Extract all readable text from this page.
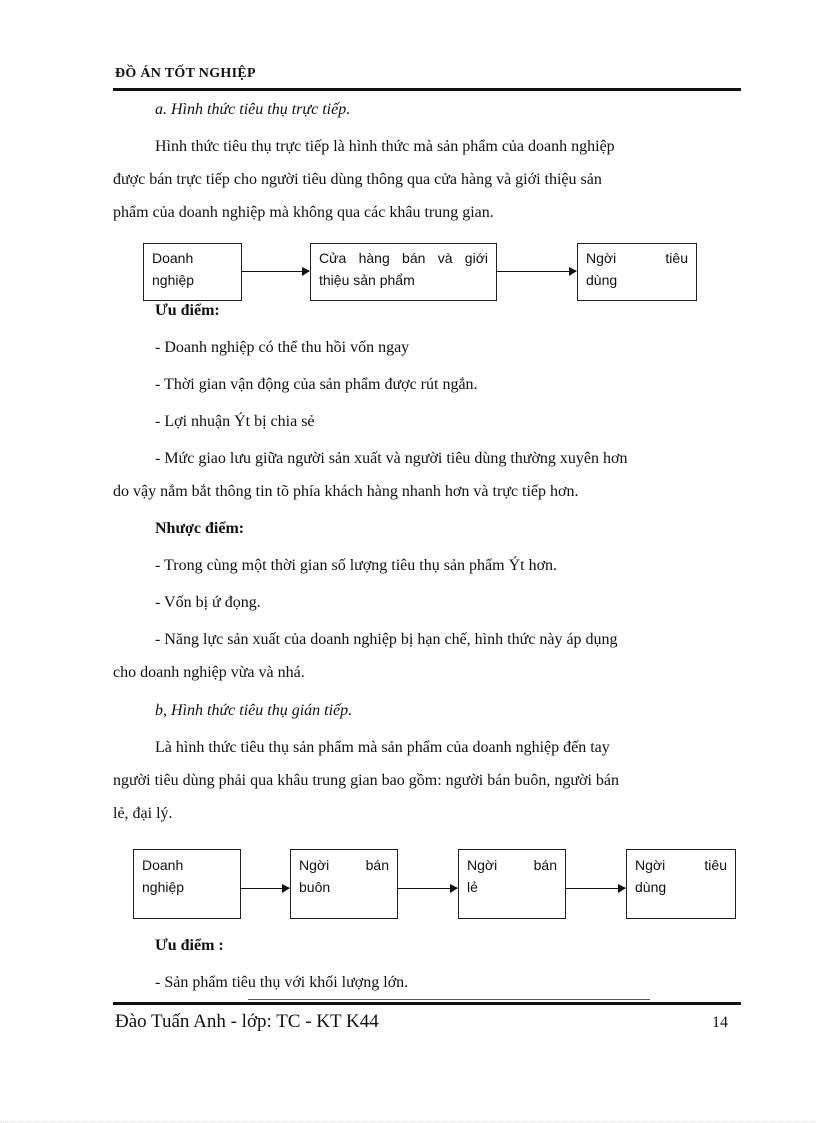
ĐỒ ÁN TỐT NGHIỆP
a. Hình thức tiêu thụ trực tiếp.
Hình thức tiêu thụ trực tiếp là hình thức mà sản phẩm của doanh nghiệp
được bán trực tiếp cho người tiêu dùng thông qua cửa hàng và giới thiệu sản
phẩm của doanh nghiệp mà không qua các khâu trung gian.
Doanh
nghiệp
Cửa hàng bán và giới
thiệu sản phẩm
Ngời tiêu
dùng
Ưu điểm:
- Doanh nghiệp có thể thu hồi vốn ngay
- Thời gian vận động của sản phẩm được rút ngắn.
- Lợi nhuận Ýt bị chia sẻ
- Mức giao lưu giữa người sản xuất và người tiêu dùng thường xuyên hơn
do vậy nắm bắt thông tin tõ phía khách hàng nhanh hơn và trực tiếp hơn.
Nhược điểm:
- Trong cùng một thời gian số lượng tiêu thụ sản phẩm Ýt hơn.
- Vốn bị ứ đọng.
- Năng lực sản xuất của doanh nghiệp bị hạn chế, hình thức này áp dụng
cho doanh nghiệp vừa và nhá.
b, Hình thức tiêu thụ gián tiếp.
Là hình thức tiêu thụ sản phẩm mà sản phẩm của doanh nghiệp đến tay
người tiêu dùng phải qua khâu trung gian bao gồm: người bán buôn, người bán
lẻ, đại lý.
Doanh
nghiệp
Ngời bán
buôn
Ngời bán
lẻ
Ngời tiêu
dùng
Ưu điểm :
- Sản phẩm tiêu thụ với khối lượng lớn.
Đào Tuấn Anh - lớp: TC - KT K44	14
